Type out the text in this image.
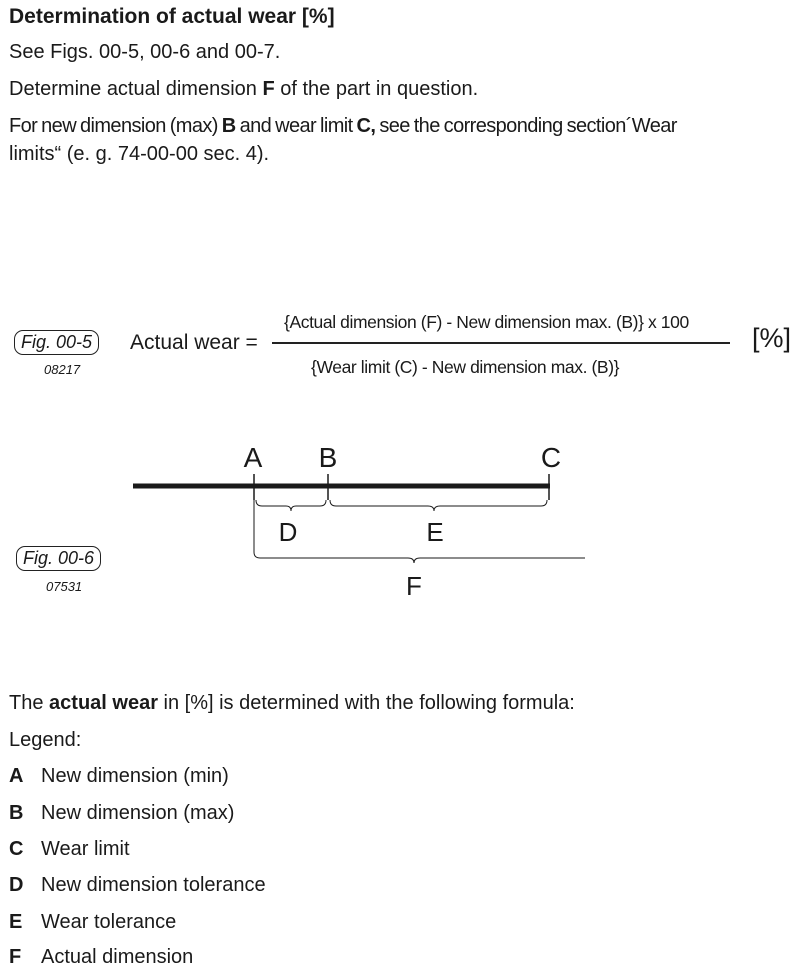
Determination of actual wear [%]
See Figs. 00-5, 00-6 and 00-7.
Determine actual dimension F of the part in question.
For new dimension (max) B and wear limit C, see the corresponding section´Wear
limits“ (e. g. 74-00-00 sec. 4).
Fig. 00-5
08217
Actual wear =
{Actual dimension (F) - New dimension max. (B)} x 100
{Wear limit (C) - New dimension max. (B)}
[%]
Fig. 00-6
07531
A B	C
D	E
F
The actual wear in [%] is determined with the following formula:
Legend:
A New dimension (min)
B New dimension (max)
C Wear limit
D New dimension tolerance
E Wear tolerance
F Actual dimension
